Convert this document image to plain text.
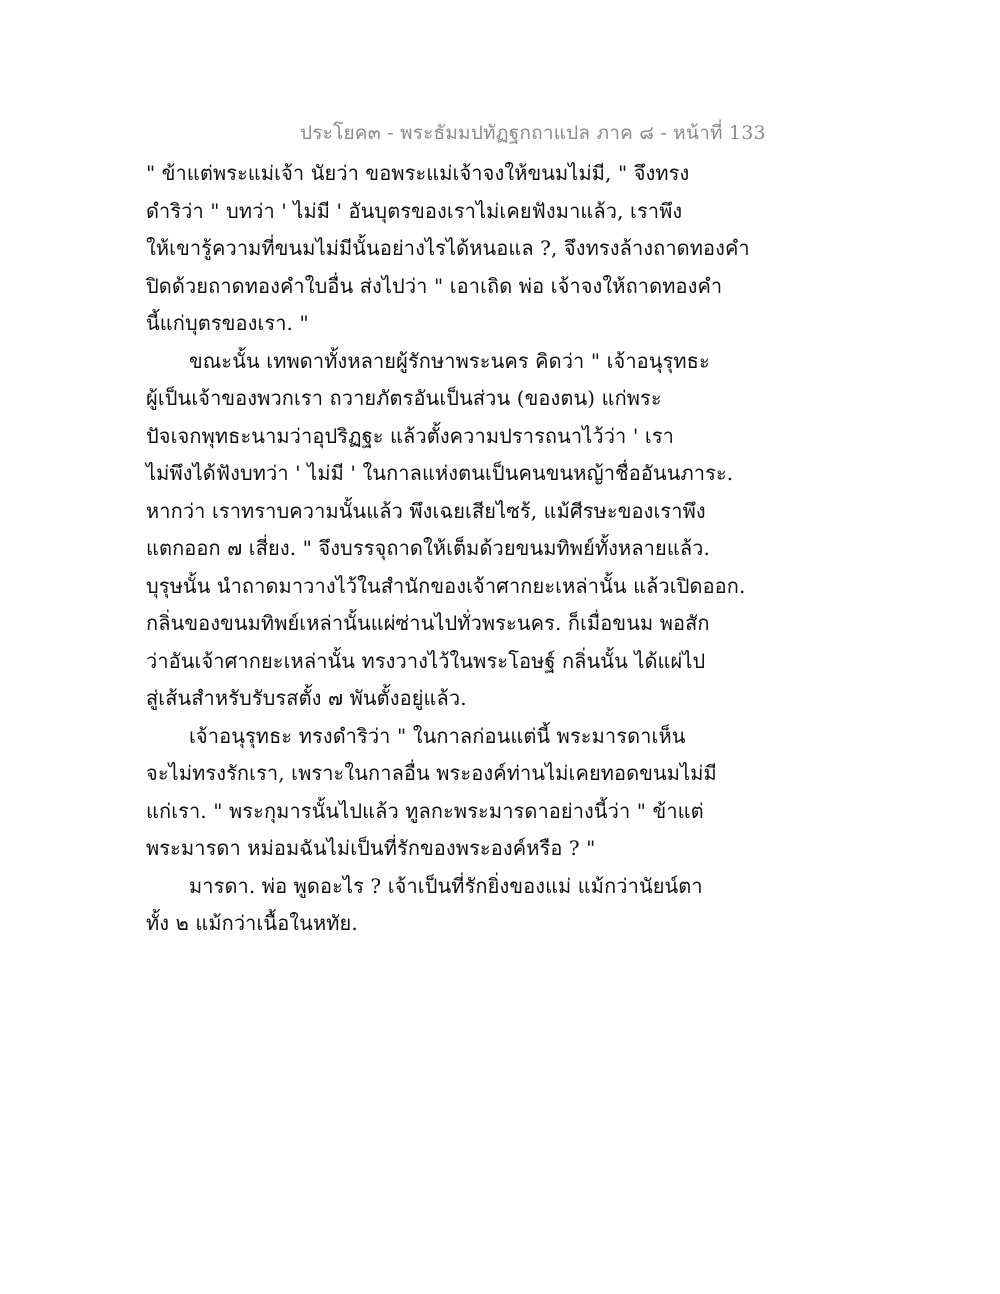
ประโยค๓ - พระธัมมปทัฏฐกถาแปล ภาค ๘ - หน้าที่ 133
" ข้าแต่พระแม่เจ้า นัยว่า ขอพระแม่เจ้าจงให้ขนมไม่มี, " จึงทรง
ดำริว่า " บทว่า ' ไม่มี ' อันบุตรของเราไม่เคยฟังมาแล้ว, เราพึง
ให้เขารู้ความที่ขนมไม่มีนั้นอย่างไรได้หนอแล ?, จึงทรงล้างถาดทองคำ
ปิดด้วยถาดทองคำใบอื่น ส่งไปว่า " เอาเถิด พ่อ เจ้าจงให้ถาดทองคำ
นี้แก่บุตรของเรา. "
ขณะนั้น เทพดาทั้งหลายผู้รักษาพระนคร คิดว่า " เจ้าอนุรุทธะ
ผู้เป็นเจ้าของพวกเรา ถวายภัตรอันเป็นส่วน (ของตน) แก่พระ
ปัจเจกพุทธะนามว่าอุปริฏฐะ แล้วตั้งความปรารถนาไว้ว่า ' เรา
ไม่พึงได้ฟังบทว่า ' ไม่มี ' ในกาลแห่งตนเป็นคนขนหญ้าชื่ออันนภาระ.
หากว่า เราทราบความนั้นแล้ว พึงเฉยเสียไซร้, แม้ศีรษะของเราพึง
แตกออก ๗ เสี่ยง. " จึงบรรจุถาดให้เต็มด้วยขนมทิพย์ทั้งหลายแล้ว.
บุรุษนั้น นำถาดมาวางไว้ในสำนักของเจ้าศากยะเหล่านั้น แล้วเปิดออก.
กลิ่นของขนมทิพย์เหล่านั้นแผ่ซ่านไปทั่วพระนคร. ก็เมื่อขนม พอสัก
ว่าอันเจ้าศากยะเหล่านั้น ทรงวางไว้ในพระโอษฐ์ กลิ่นนั้น ได้แผ่ไป
สู่เส้นสำหรับรับรสตั้ง ๗ พันตั้งอยู่แล้ว.
เจ้าอนุรุทธะ ทรงดำริว่า " ในกาลก่อนแต่นี้ พระมารดาเห็น
จะไม่ทรงรักเรา, เพราะในกาลอื่น พระองค์ท่านไม่เคยทอดขนมไม่มี
แก่เรา. " พระกุมารนั้นไปแล้ว ทูลกะพระมารดาอย่างนี้ว่า " ข้าแต่
พระมารดา หม่อมฉันไม่เป็นที่รักของพระองค์หรือ ? "
มารดา. พ่อ พูดอะไร ? เจ้าเป็นที่รักยิ่งของแม่ แม้กว่านัยน์ตา
ทั้ง ๒ แม้กว่าเนื้อในหทัย.
